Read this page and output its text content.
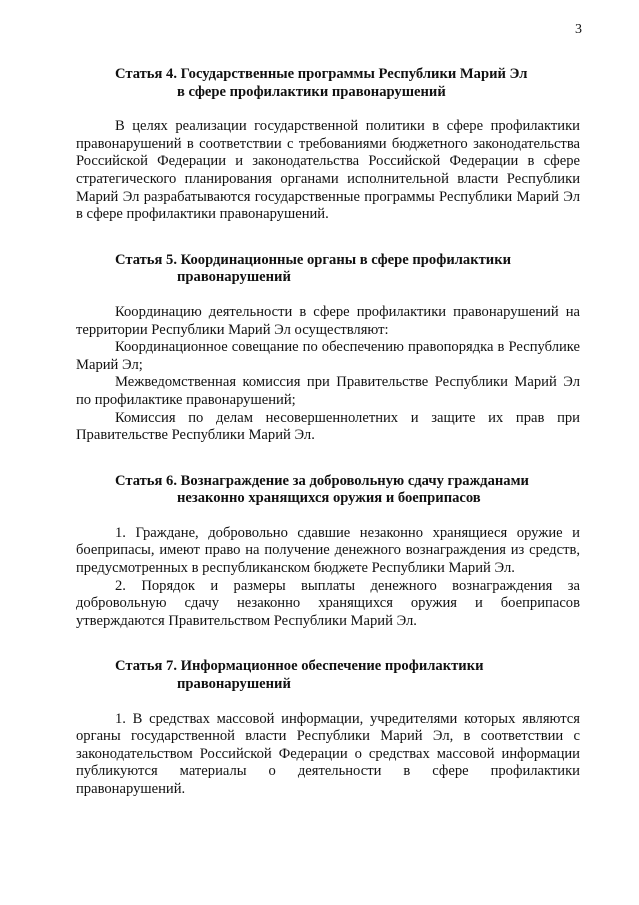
3
Статья 4. Государственные программы Республики Марий Эл
в сфере профилактики правонарушений

В целях реализации государственной политики в сфере профилактики правонарушений в соответствии с требованиями бюджетного законодательства Российской Федерации и законодательства Российской Федерации в сфере стратегического планирования органами исполнительной власти Республики Марий Эл разрабатываются государственные программы Республики Марий Эл в сфере профилактики правонарушений.

Статья 5. Координационные органы в сфере профилактики
правонарушений

Координацию деятельности в сфере профилактики правонарушений на территории Республики Марий Эл осуществляют:

Координационное совещание по обеспечению правопорядка в Республике Марий Эл;

Межведомственная комиссия при Правительстве Республики Марий Эл по профилактике правонарушений;

Комиссия по делам несовершеннолетних и защите их прав при Правительстве Республики Марий Эл.

Статья 6. Вознаграждение за добровольную сдачу гражданами
незаконно хранящихся оружия и боеприпасов

1. Граждане, добровольно сдавшие незаконно хранящиеся оружие и боеприпасы, имеют право на получение денежного вознаграждения из средств, предусмотренных в республиканском бюджете Республики Марий Эл.

2. Порядок и размеры выплаты денежного вознаграждения за добровольную сдачу незаконно хранящихся оружия и боеприпасов утверждаются Правительством Республики Марий Эл.

Статья 7. Информационное обеспечение профилактики
правонарушений

1. В средствах массовой информации, учредителями которых являются органы государственной власти Республики Марий Эл, в соответствии с законодательством Российской Федерации о средствах массовой информации публикуются материалы о деятельности в сфере профилактики правонарушений.
